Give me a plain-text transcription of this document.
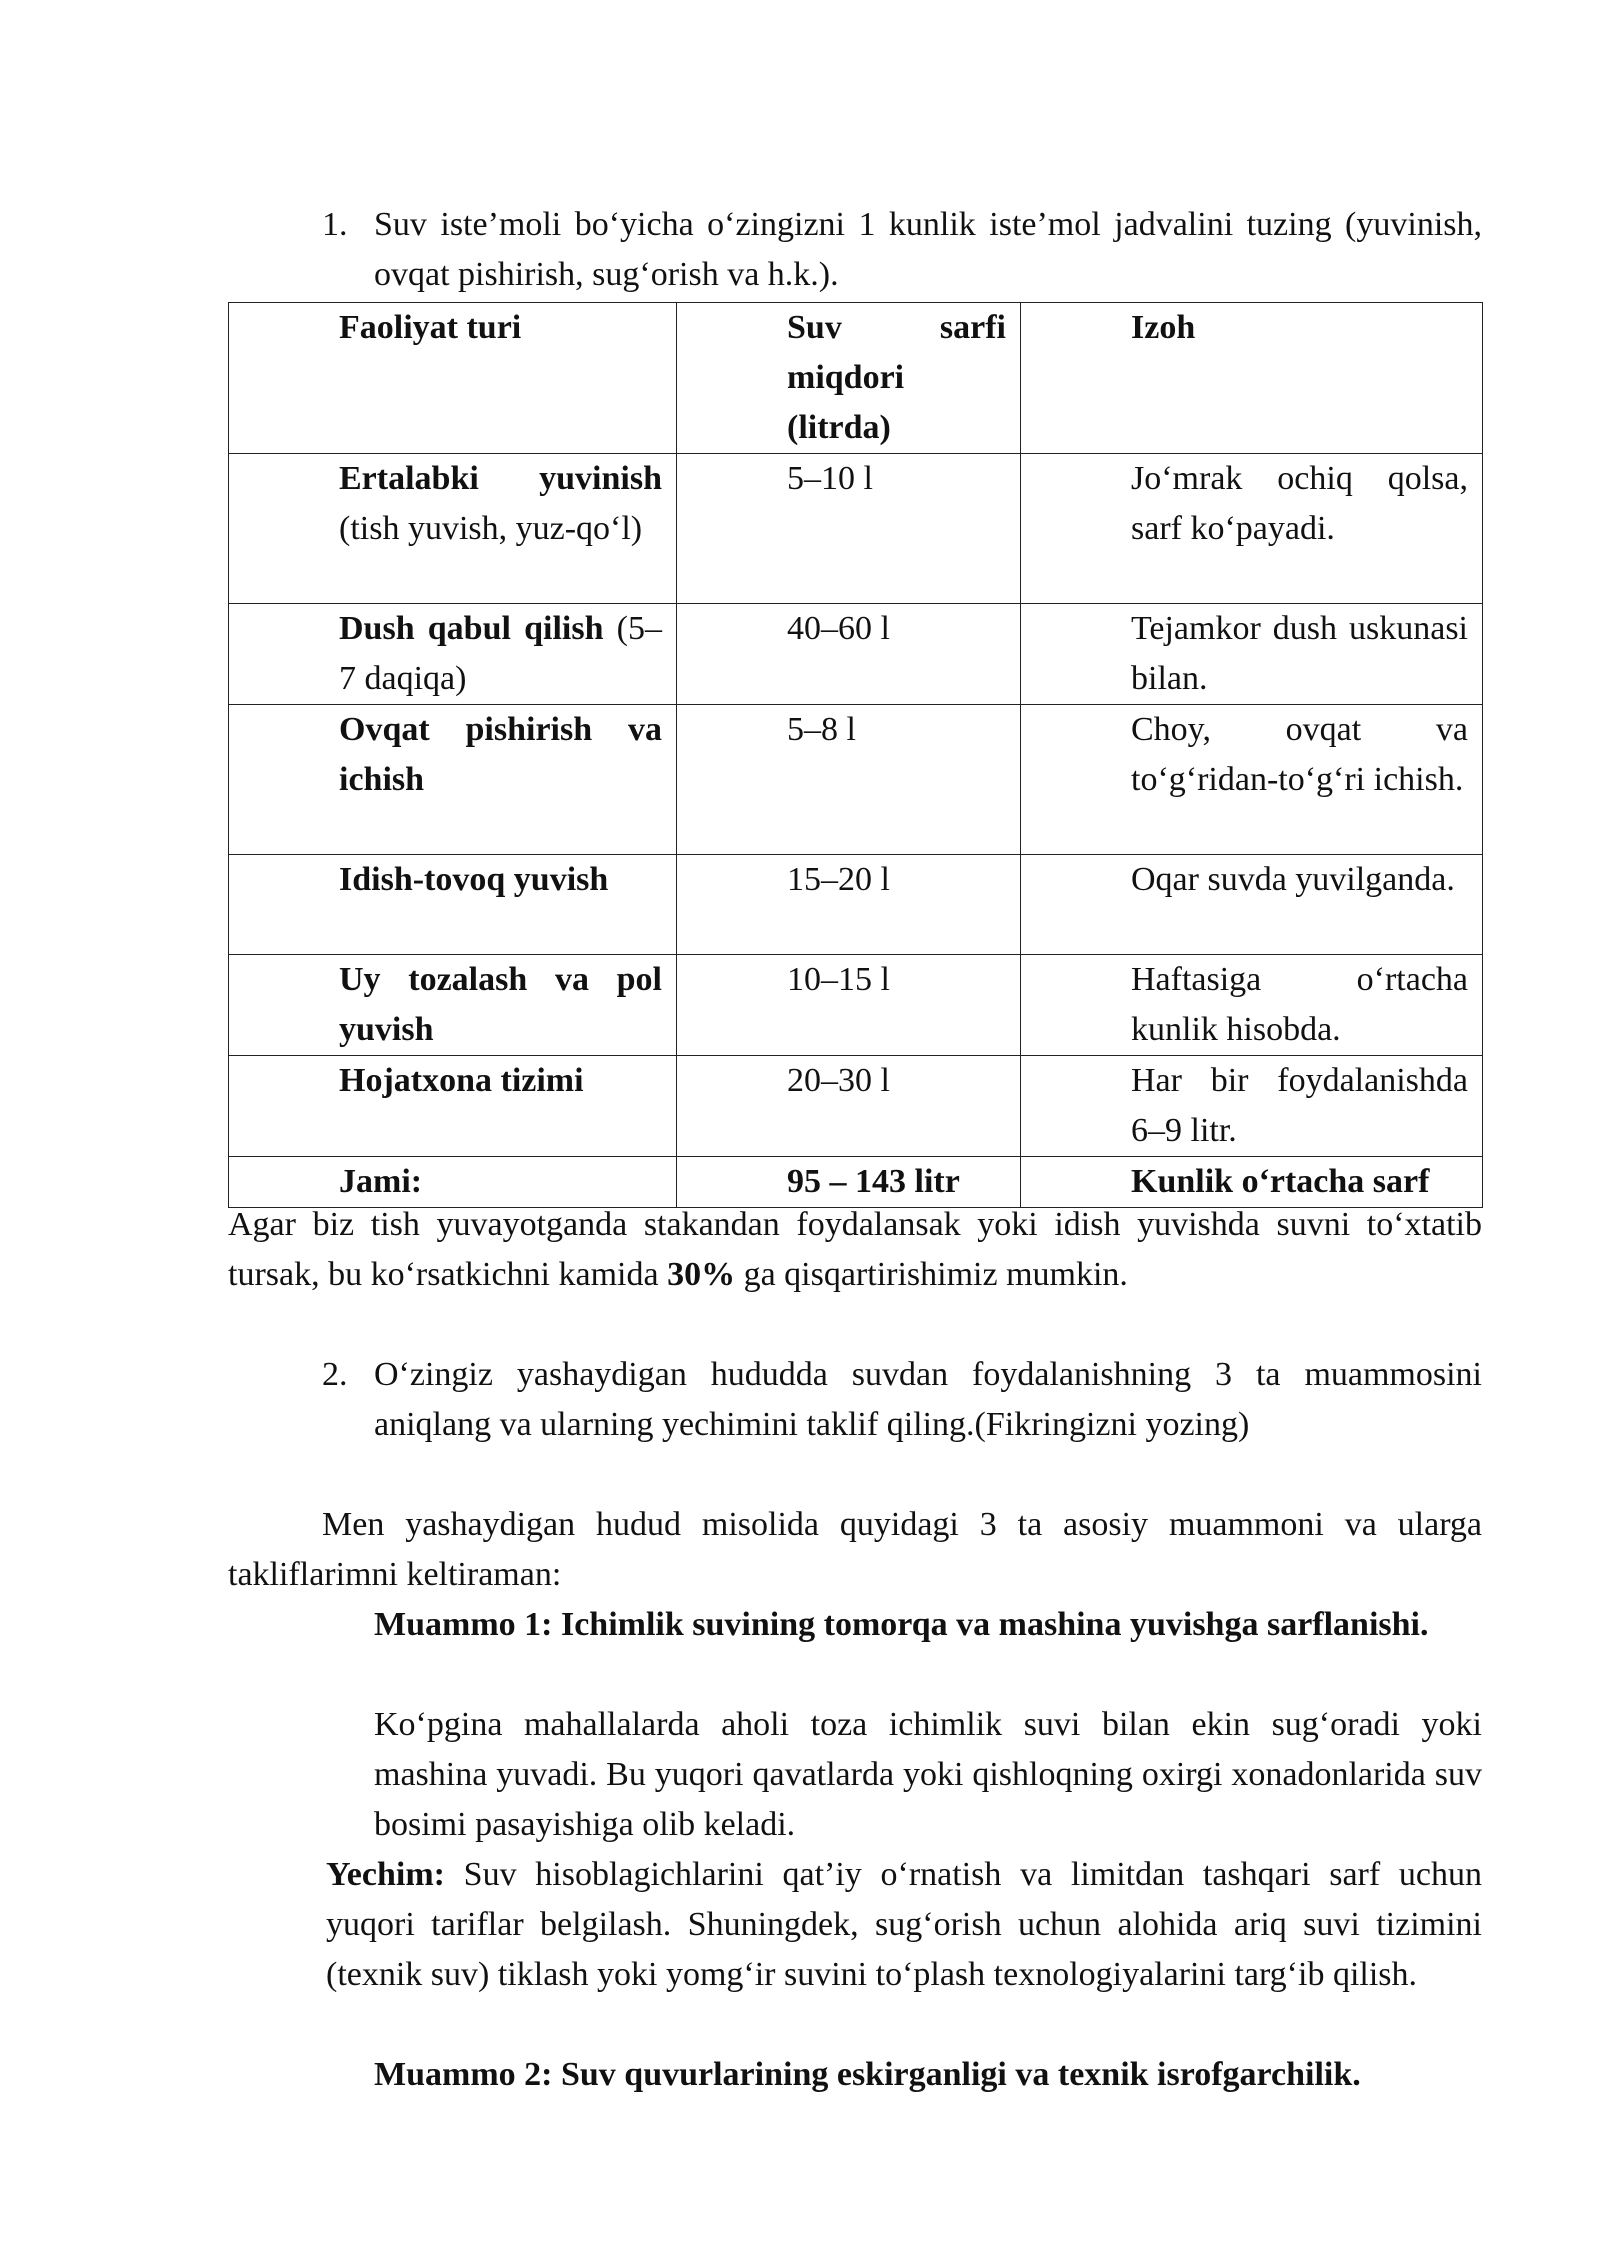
1. Suv iste’moli bo‘yicha o‘zingizni 1 kunlik iste’mol jadvalini tuzing (yuvinish, ovqat pishirish, sug‘orish va h.k.).
Faoliyat turi	Suv sarfi miqdori (litrda)	Izoh
Ertalabki yuvinish (tish yuvish, yuz-qo‘l)	5–10 l	Jo‘mrak ochiq qolsa, sarf ko‘payadi.
Dush qabul qilish (5–7 daqiqa)	40–60 l	Tejamkor dush uskunasi bilan.
Ovqat pishirish va ichish	5–8 l	Choy, ovqat va to‘g‘ridan-to‘g‘ri ichish.
Idish-tovoq yuvish	15–20 l	Oqar suvda yuvilganda.
Uy tozalash va pol yuvish	10–15 l	Haftasiga o‘rtacha kunlik hisobda.
Hojatxona tizimi	20–30 l	Har bir foydalanishda 6–9 litr.
Jami:	95 – 143 litr	Kunlik o‘rtacha sarf
Agar biz tish yuvayotganda stakandan foydalansak yoki idish yuvishda suvni to‘xtatib tursak, bu ko‘rsatkichni kamida 30% ga qisqartirishimiz mumkin.
2. O‘zingiz yashaydigan hududda suvdan foydalanishning 3 ta muammosini aniqlang va ularning yechimini taklif qiling.(Fikringizni yozing)
Men yashaydigan hudud misolida quyidagi 3 ta asosiy muammoni va ularga takliflarimni keltiraman:
Muammo 1: Ichimlik suvining tomorqa va mashina yuvishga sarflanishi.
Ko‘pgina mahallalarda aholi toza ichimlik suvi bilan ekin sug‘oradi yoki mashina yuvadi. Bu yuqori qavatlarda yoki qishloqning oxirgi xonadonlarida suv bosimi pasayishiga olib keladi.
Yechim: Suv hisoblagichlarini qat’iy o‘rnatish va limitdan tashqari sarf uchun yuqori tariflar belgilash. Shuningdek, sug‘orish uchun alohida ariq suvi tizimini (texnik suv) tiklash yoki yomg‘ir suvini to‘plash texnologiyalarini targ‘ib qilish.
Muammo 2: Suv quvurlarining eskirganligi va texnik isrofgarchilik.
